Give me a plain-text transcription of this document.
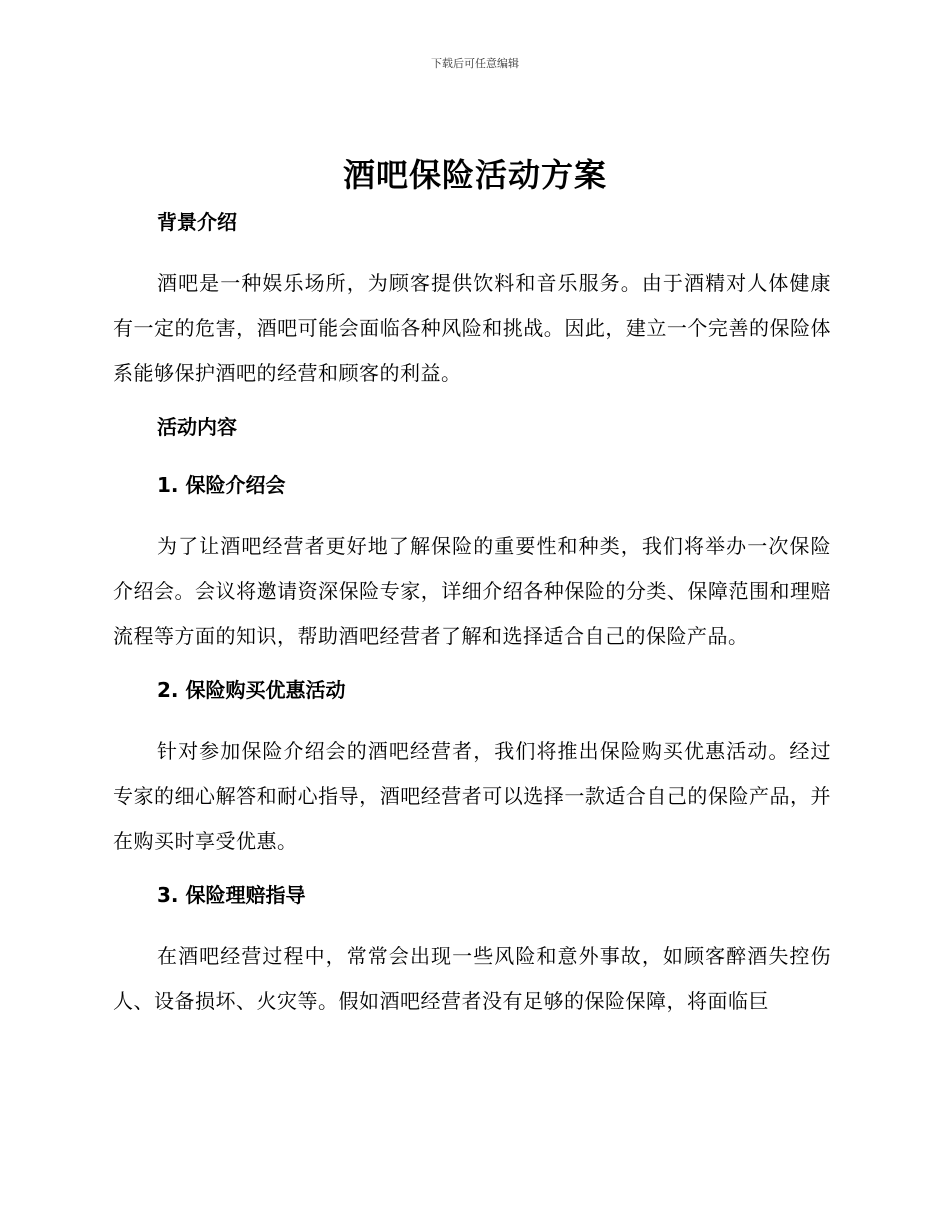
下载后可任意编辑
酒吧保险活动方案
背景介绍

酒吧是一种娱乐场所，为顾客提供饮料和音乐服务。由于酒精对人体健康有一定的危害，酒吧可能会面临各种风险和挑战。因此，建立一个完善的保险体系能够保护酒吧的经营和顾客的利益。

活动内容
1. 保险介绍会

为了让酒吧经营者更好地了解保险的重要性和种类，我们将举办一次保险介绍会。会议将邀请资深保险专家，详细介绍各种保险的分类、保障范围和理赔流程等方面的知识，帮助酒吧经营者了解和选择适合自己的保险产品。

2. 保险购买优惠活动

针对参加保险介绍会的酒吧经营者，我们将推出保险购买优惠活动。经过专家的细心解答和耐心指导，酒吧经营者可以选择一款适合自己的保险产品，并在购买时享受优惠。

3. 保险理赔指导

在酒吧经营过程中，常常会出现一些风险和意外事故，如顾客醉酒失控伤人、设备损坏、火灾等。假如酒吧经营者没有足够的保险保障，将面临巨
